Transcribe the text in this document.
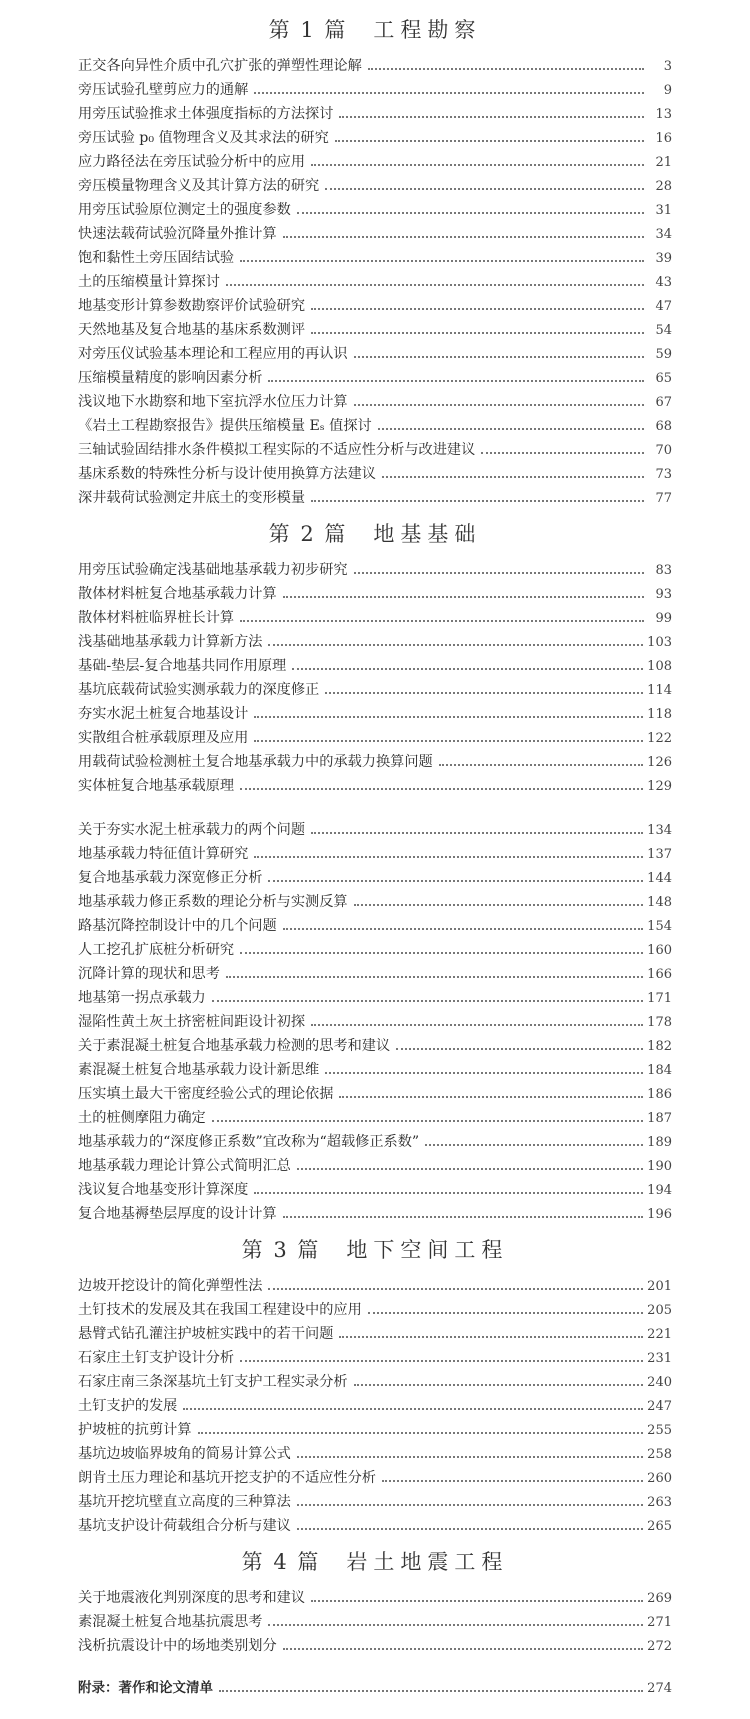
第 1 篇 工程勘察
正交各向异性介质中孔穴扩张的弹塑性理论解	3
旁压试验孔壁剪应力的通解	9
用旁压试验推求土体强度指标的方法探讨	13
旁压试验 p₀ 值物理含义及其求法的研究	16
应力路径法在旁压试验分析中的应用	21
旁压模量物理含义及其计算方法的研究	28
用旁压试验原位测定土的强度参数	31
快速法载荷试验沉降量外推计算	34
饱和黏性土旁压固结试验	39
土的压缩模量计算探讨	43
地基变形计算参数勘察评价试验研究	47
天然地基及复合地基的基床系数测评	54
对旁压仪试验基本理论和工程应用的再认识	59
压缩模量精度的影响因素分析	65
浅议地下水勘察和地下室抗浮水位压力计算	67
《岩土工程勘察报告》提供压缩模量 Eₛ 值探讨	68
三轴试验固结排水条件模拟工程实际的不适应性分析与改进建议	70
基床系数的特殊性分析与设计使用换算方法建议	73
深井载荷试验测定井底土的变形模量	77
第 2 篇 地基基础
用旁压试验确定浅基础地基承载力初步研究	83
散体材料桩复合地基承载力计算	93
散体材料桩临界桩长计算	99
浅基础地基承载力计算新方法	103
基础-垫层-复合地基共同作用原理	108
基坑底载荷试验实测承载力的深度修正	114
夯实水泥土桩复合地基设计	118
实散组合桩承载原理及应用	122
用载荷试验检测桩土复合地基承载力中的承载力换算问题	126
实体桩复合地基承载原理	129
关于夯实水泥土桩承载力的两个问题	134
地基承载力特征值计算研究	137
复合地基承载力深宽修正分析	144
地基承载力修正系数的理论分析与实测反算	148
路基沉降控制设计中的几个问题	154
人工挖孔扩底桩分析研究	160
沉降计算的现状和思考	166
地基第一拐点承载力	171
湿陷性黄土灰土挤密桩间距设计初探	178
关于素混凝土桩复合地基承载力检测的思考和建议	182
素混凝土桩复合地基承载力设计新思维	184
压实填土最大干密度经验公式的理论依据	186
土的桩侧摩阻力确定	187
地基承载力的“深度修正系数”宜改称为“超载修正系数”	189
地基承载力理论计算公式简明汇总	190
浅议复合地基变形计算深度	194
复合地基褥垫层厚度的设计计算	196
第 3 篇 地下空间工程
边坡开挖设计的简化弹塑性法	201
土钉技术的发展及其在我国工程建设中的应用	205
悬臂式钻孔灌注护坡桩实践中的若干问题	221
石家庄土钉支护设计分析	231
石家庄南三条深基坑土钉支护工程实录分析	240
土钉支护的发展	247
护坡桩的抗剪计算	255
基坑边坡临界坡角的简易计算公式	258
朗肯土压力理论和基坑开挖支护的不适应性分析	260
基坑开挖坑壁直立高度的三种算法	263
基坑支护设计荷载组合分析与建议	265
第 4 篇 岩土地震工程
关于地震液化判别深度的思考和建议	269
素混凝土桩复合地基抗震思考	271
浅析抗震设计中的场地类别划分	272
附录：著作和论文清单	274
